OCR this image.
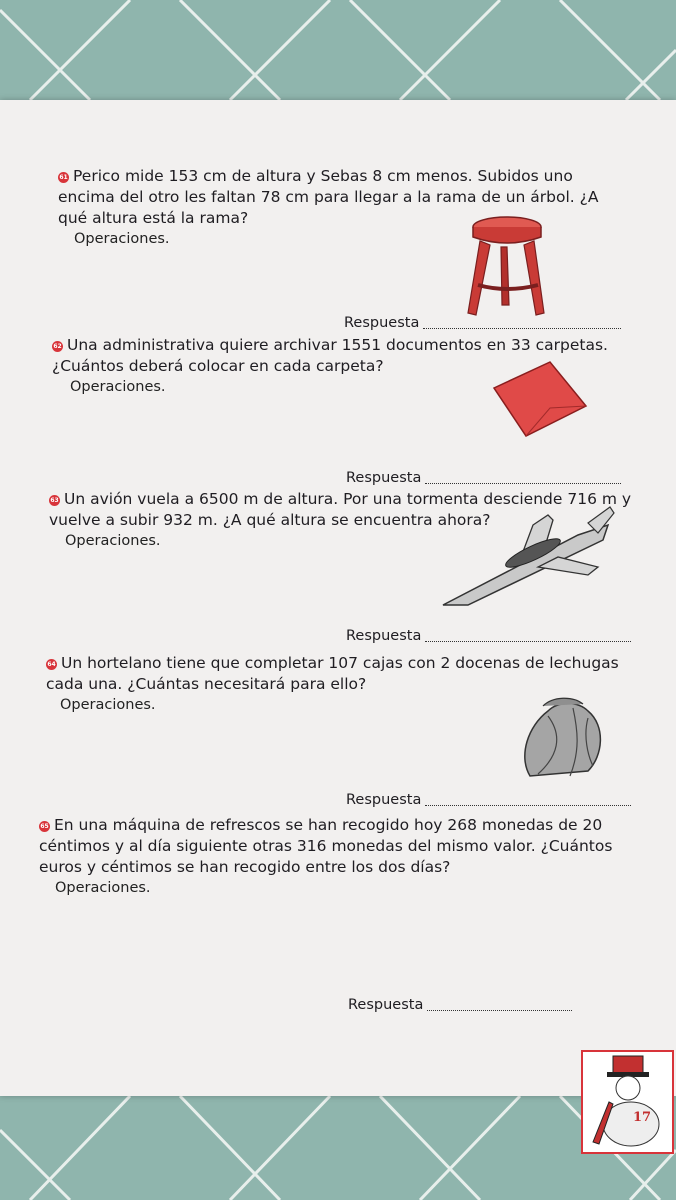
61 Perico mide 153 cm de altura y Sebas 8 cm menos. Subidos uno encima del otro les faltan 78 cm para llegar a la rama de un árbol. ¿A qué altura está la rama?
Operaciones.
Respuesta
62 Una administrativa quiere archivar 1551 documentos en 33 carpetas. ¿Cuántos deberá colocar en cada carpeta?
Operaciones.
Respuesta
63 Un avión vuela a 6500 m de altura. Por una tormenta desciende 716 m y vuelve a subir 932 m. ¿A qué altura se encuentra ahora?
Operaciones.
Respuesta
64 Un hortelano tiene que completar 107 cajas con 2 docenas de lechugas cada una. ¿Cuántas necesitará para ello?
Operaciones.
Respuesta
65 En una máquina de refrescos se han recogido hoy 268 monedas de 20 céntimos y al día siguiente otras 316 monedas del mismo valor. ¿Cuántos euros y céntimos se han recogido entre los dos días?
Operaciones.
Respuesta
17
